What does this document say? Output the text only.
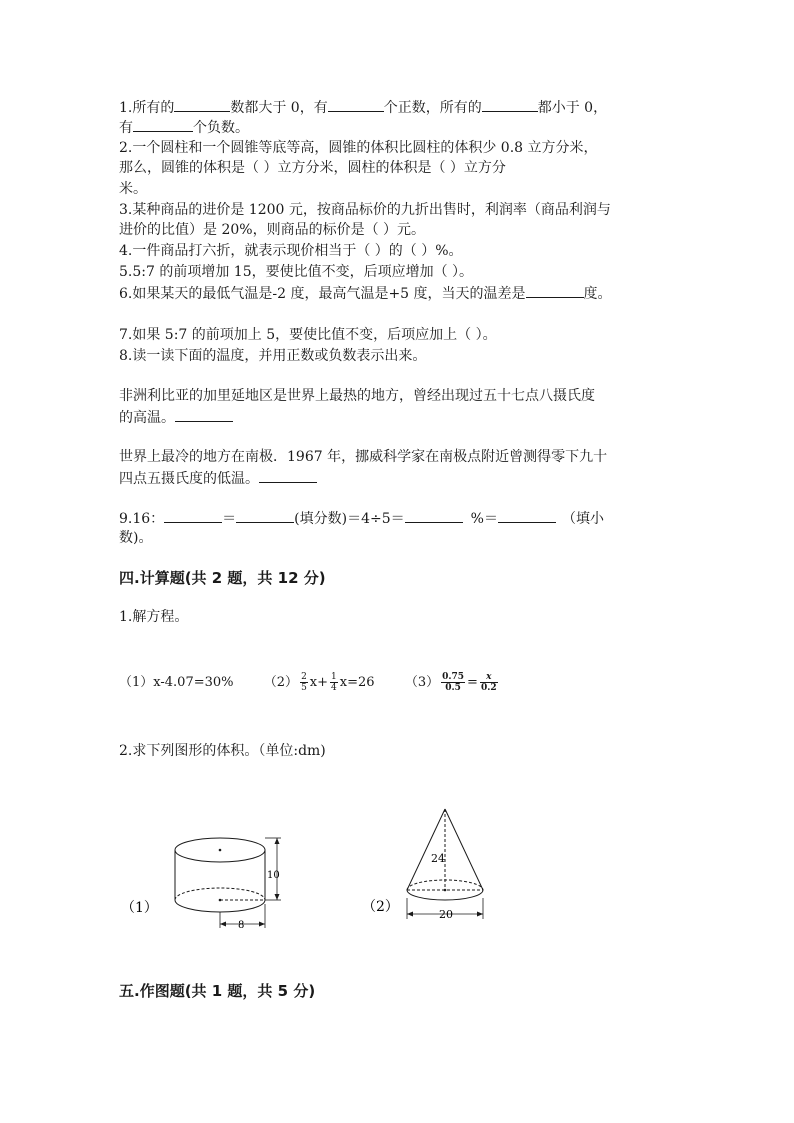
1.所有的	数都大于 0，有	个正数，所有的	都小于 0，
有	个负数。
2.一个圆柱和一个圆锥等底等高，圆锥的体积比圆柱的体积少 0.8 立方分米，
那么，圆锥的体积是（ ）立方分米，圆柱的体积是（ ）立方分
米。
3.某种商品的进价是 1200 元，按商品标价的九折出售时，利润率（商品利润与
进价的比值）是 20%，则商品的标价是（ ）元。
4.一件商品打六折，就表示现价相当于（ ）的（ ）%。
5.5:7 的前项增加 15，要使比值不变，后项应增加（ ）。
6.如果某天的最低气温是-2 度，最高气温是+5 度，当天的温差是	度。
7.如果 5:7 的前项加上 5，要使比值不变，后项应加上（ ）。
8.读一读下面的温度，并用正数或负数表示出来。
非洲利比亚的加里延地区是世界上最热的地方，曾经出现过五十七点八摄氏度
的高温。
世界上最冷的地方在南极．1967 年，挪威科学家在南极点附近曾测得零下九十
四点五摄氏度的低温。
9.16：	＝	(填分数)＝4÷5＝	%＝	（填小
数)。
四.计算题(共 2 题，共 12 分)
1.解方程。
（1）x-4.07=30% $(2) \frac{2}{5} x+ \frac{1}{4} x=26$ $(3) \frac{0.75}{0.5} = \frac{x}{0.2}$
2.求下列图形的体积。（单位:dm)
（1）
10
8
（2）
24
20
五.作图题(共 1 题，共 5 分)
